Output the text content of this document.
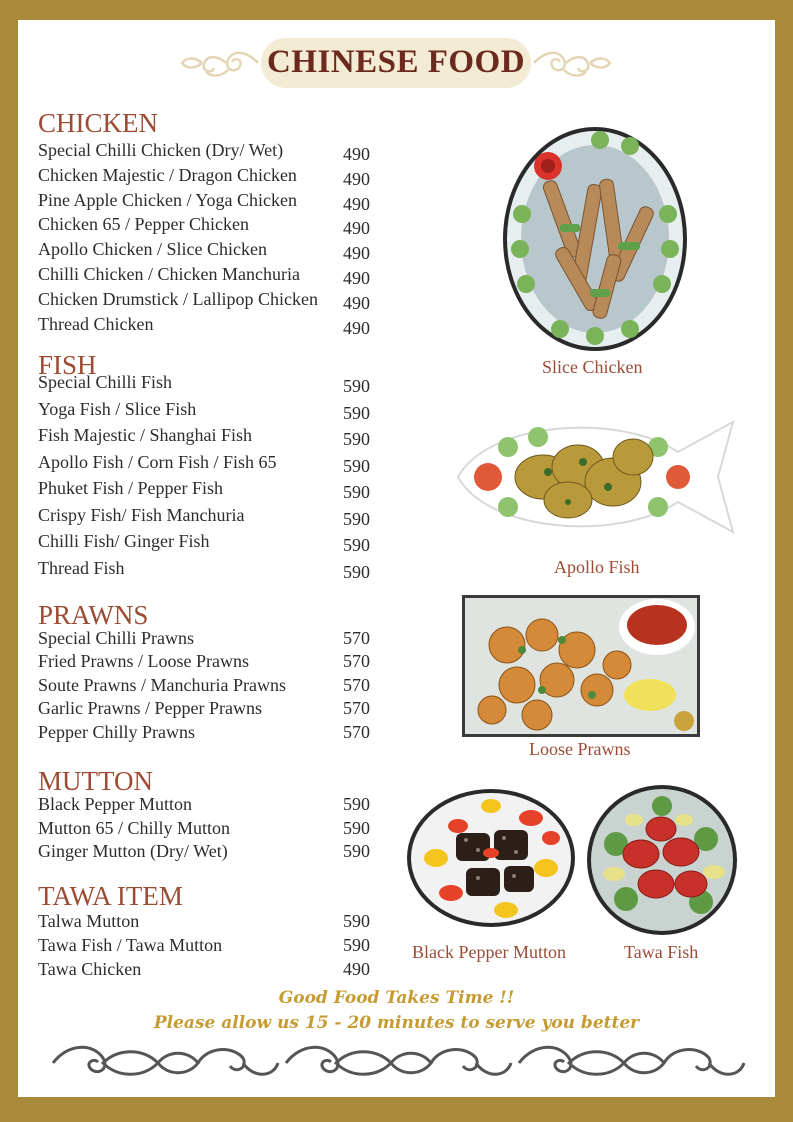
CHINESE FOOD
CHICKEN
Special Chilli Chicken (Dry/ Wet)	490
Chicken Majestic / Dragon Chicken	490
Pine Apple Chicken / Yoga Chicken	490
Chicken 65 / Pepper Chicken	490
Apollo Chicken / Slice Chicken	490
Chilli Chicken / Chicken Manchuria 490
Chicken Drumstick / Lallipop Chicken 490
Thread Chicken	490
FISH
Special Chilli Fish	590
Yoga Fish / Slice Fish	590
Fish Majestic / Shanghai Fish	590
Apollo Fish / Corn Fish / Fish 65	590
Phuket Fish / Pepper Fish	590
Crispy Fish/ Fish Manchuria	590
Chilli Fish/ Ginger Fish	590
Thread Fish	590
PRAWNS
Special Chilli Prawns	570
Fried Prawns / Loose Prawns	570
Soute Prawns / Manchuria Prawns	570
Garlic Prawns / Pepper Prawns	570
Pepper Chilly Prawns	570
MUTTON
Black Pepper Mutton	590
Mutton 65 / Chilly Mutton	590
Ginger Mutton (Dry/ Wet)	590
TAWA ITEM
Talwa Mutton	590
Tawa Fish / Tawa Mutton	590
Tawa Chicken	490
Slice Chicken
Apollo Fish
Loose Prawns
Black Pepper Mutton	Tawa Fish
Good Food Takes Time !!
Please allow us 15 - 20 minutes to serve you better
